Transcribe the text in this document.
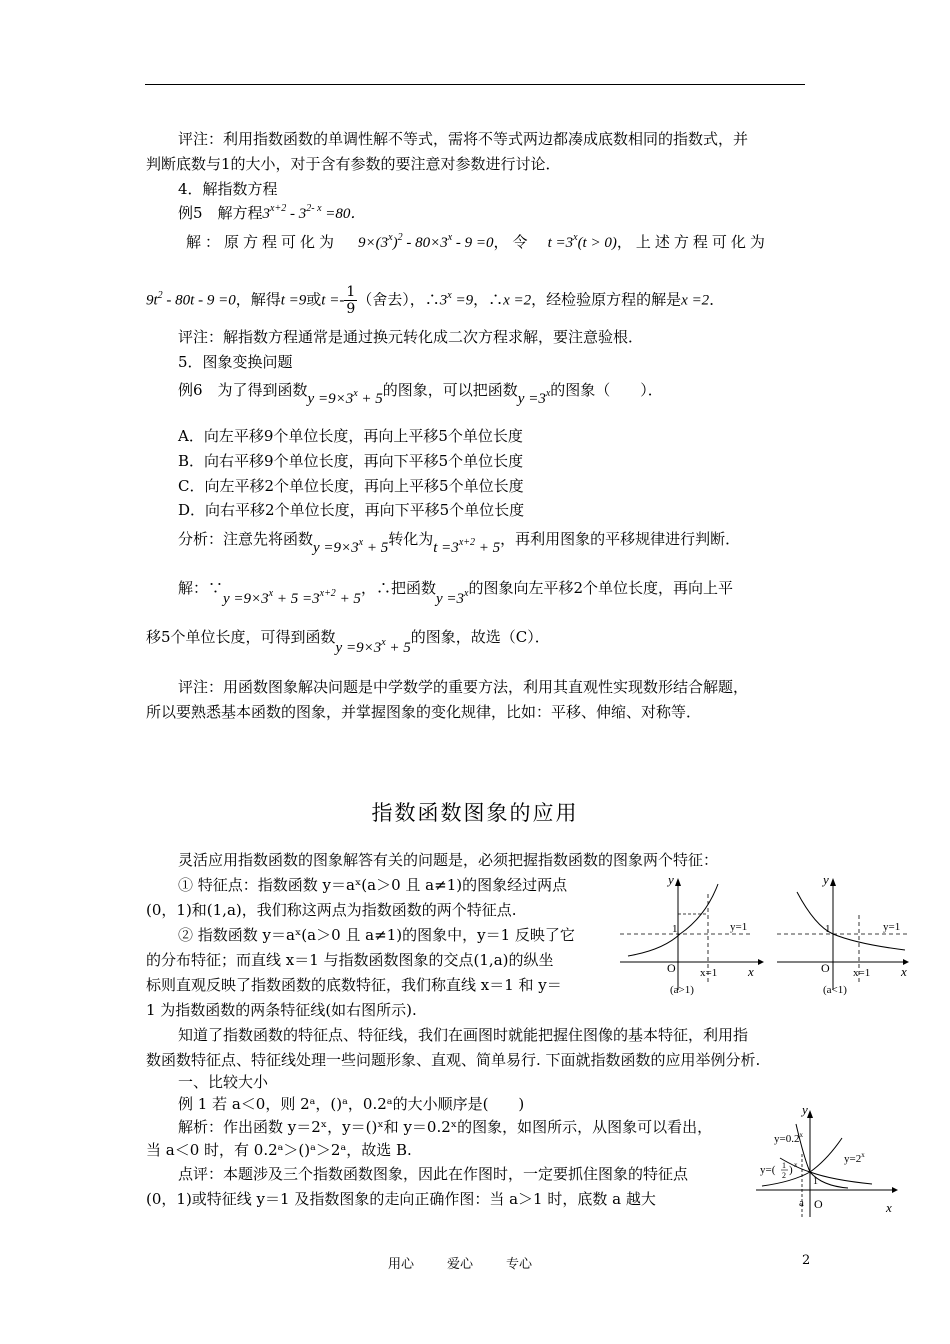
评注：利用指数函数的单调性解不等式，需将不等式两边都凑成底数相同的指数式，并
判断底数与1的大小，对于含有参数的要注意对参数进行讨论．
4．解指数方程
例5　解方程$3^{x+2} - 3^{2- x} =80$．
解：原方程可化为 $9\times(3^x)^2 - 80\times 3^x - 9 =0$，令 $t =3^x(t > 0)$，上述方程可化为
$9t^2 - 80t - 9 =0$，解得t =9或$t =- \frac{1}{9}$ （舍去），$\therefore 3^x =9$，∴x =2，经检验原方程的解是x =2．
评注：解指数方程通常是通过换元转化成二次方程求解，要注意验根．
5．图象变换问题
例6　为了得到函数y =9×3x + 5的图象，可以把函数y =3x的图象（　　）．
A．向左平移9个单位长度，再向上平移5个单位长度
B．向右平移9个单位长度，再向下平移5个单位长度
C．向左平移2个单位长度，再向上平移5个单位长度
D．向右平移2个单位长度，再向下平移5个单位长度
分析：注意先将函数y =9×3x + 5转化为t =3x+2 + 5，再利用图象的平移规律进行判断．
解：∵y $=9\times 3_x + 5 =3_{x+2} + 5$，∴把函数$y =3_x$的图象向左平移2个单位长度，再向上平
移5个单位长度，可得到函数$y =9\times 3_x + 5$的图象，故选（C）．
评注：用函数图象解决问题是中学数学的重要方法，利用其直观性实现数形结合解题，
所以要熟悉基本函数的图象，并掌握图象的变化规律，比如：平移、伸缩、对称等．
指数函数图象的应用
灵活应用指数函数的图象解答有关的问题是，必须把握指数函数的图象两个特征：
① 特征点：指数函数 y＝aˣ(a＞0 且 a≠1)的图象经过两点
(0，1)和(1,a)，我们称这两点为指数函数的两个特征点.
② 指数函数 y＝aˣ(a＞0 且 a≠1)的图象中，y＝1 反映了它
的分布特征；而直线 x＝1 与指数函数图象的交点(1,a)的纵坐
标则直观反映了指数函数的底数特征，我们称直线 x＝1 和 y＝
1 为指数函数的两条特征线(如右图所示).
知道了指数函数的特征点、特征线，我们在画图时就能把握住图像的基本特征，利用指
数函数特征点、特征线处理一些问题形象、直观、简单易行. 下面就指数函数的应用举例分析.
一、比较大小
例 1 若 a＜0，则 2ᵃ，()ᵃ，0.2ᵃ的大小顺序是(　　)
解析：作出函数 y＝2ˣ，y＝()ˣ和 y＝0.2ˣ的图象，如图所示，从图象可以看出，
当 a＜0 时，有 0.2ᵃ＞()ᵃ＞2ᵃ，故选 B.
点评：本题涉及三个指数函数图象，因此在作图时，一定要抓住图象的特征点
(0，1)或特征线 y＝1 及指数图象的走向正确作图：当 a＞1 时，底数 a 越大
y
x
1	y=1
x=1
O
(a>1)
y
x
1	y=1
x=1
O
(a<1)
y
x
$y=0.2^x$
$y=2^x$
y=( 1
2 ) x
1
a O
用心	爱心	专心	2
